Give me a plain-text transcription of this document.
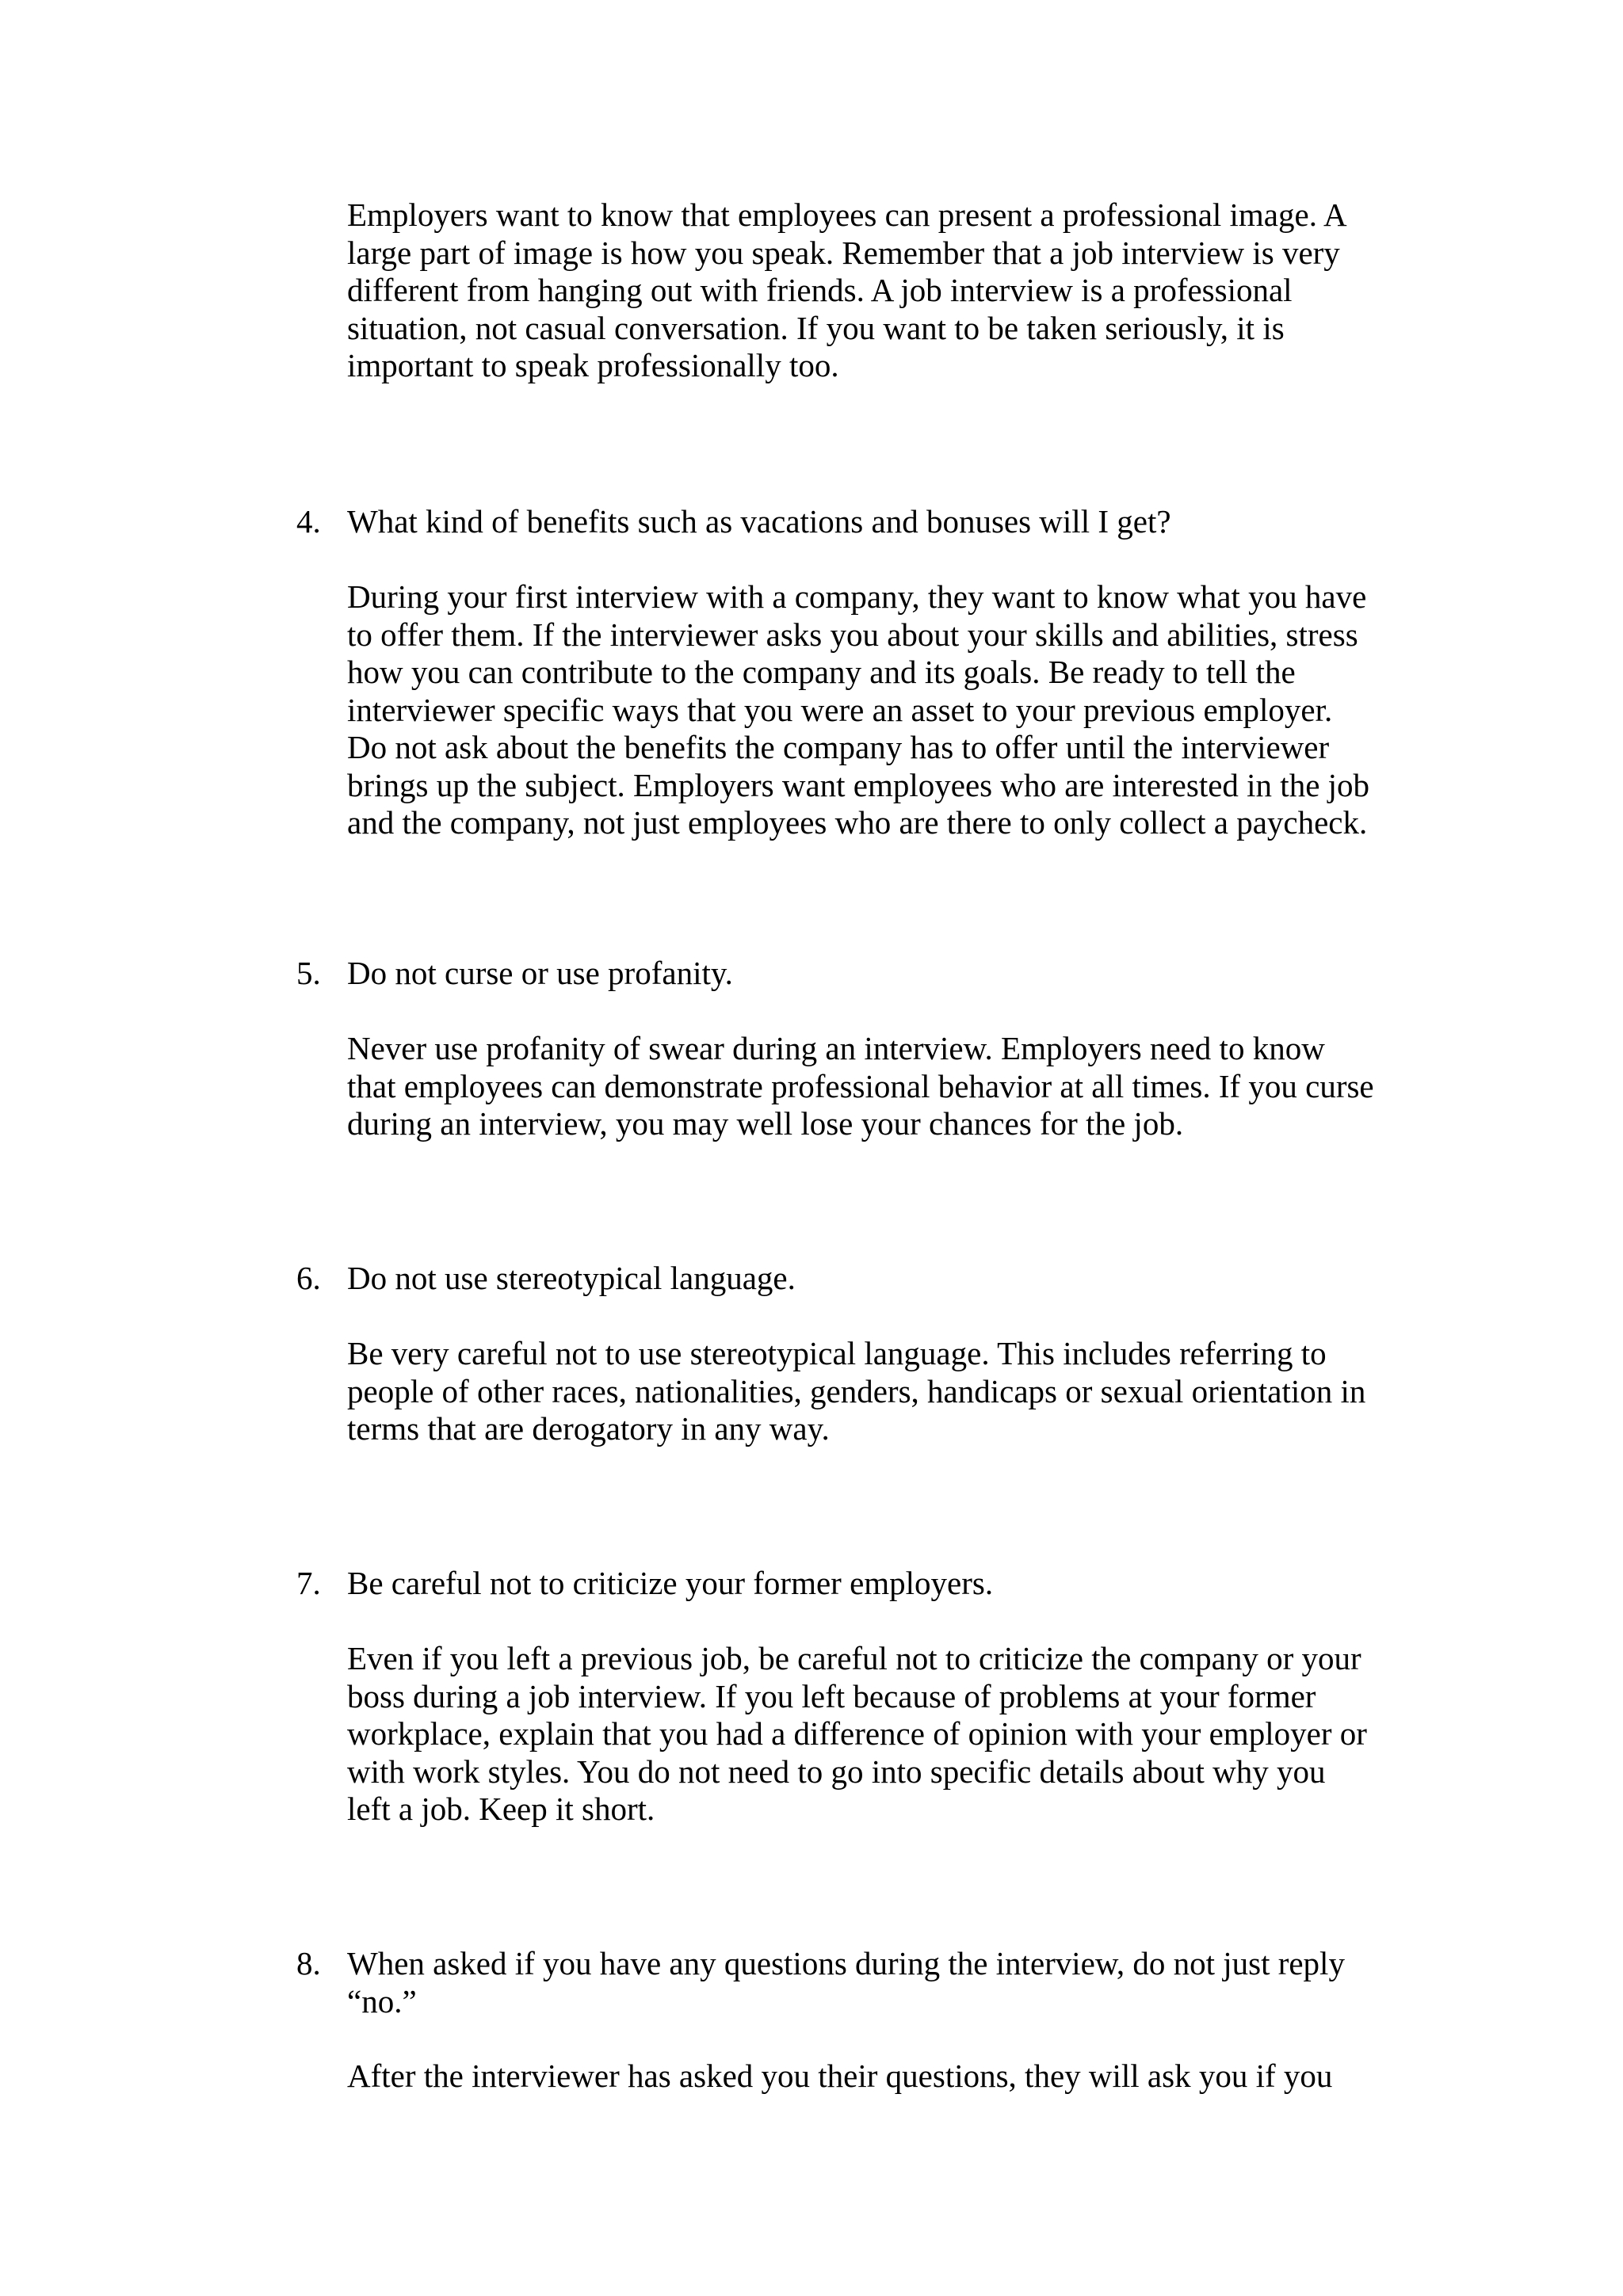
Employers want to know that employees can present a professional image. A
large part of image is how you speak. Remember that a job interview is very
different from hanging out with friends. A job interview is a professional
situation, not casual conversation. If you want to be taken seriously, it is
important to speak professionally too.
4. What kind of benefits such as vacations and bonuses will I get?
During your first interview with a company, they want to know what you have
to offer them. If the interviewer asks you about your skills and abilities, stress
how you can contribute to the company and its goals. Be ready to tell the
interviewer specific ways that you were an asset to your previous employer.
Do not ask about the benefits the company has to offer until the interviewer
brings up the subject. Employers want employees who are interested in the job
and the company, not just employees who are there to only collect a paycheck.
5. Do not curse or use profanity.
Never use profanity of swear during an interview. Employers need to know
that employees can demonstrate professional behavior at all times. If you curse
during an interview, you may well lose your chances for the job.
6. Do not use stereotypical language.
Be very careful not to use stereotypical language. This includes referring to
people of other races, nationalities, genders, handicaps or sexual orientation in
terms that are derogatory in any way.
7. Be careful not to criticize your former employers.
Even if you left a previous job, be careful not to criticize the company or your
boss during a job interview. If you left because of problems at your former
workplace, explain that you had a difference of opinion with your employer or
with work styles. You do not need to go into specific details about why you
left a job. Keep it short.
8. When asked if you have any questions during the interview, do not just reply
“no.”
After the interviewer has asked you their questions, they will ask you if you
